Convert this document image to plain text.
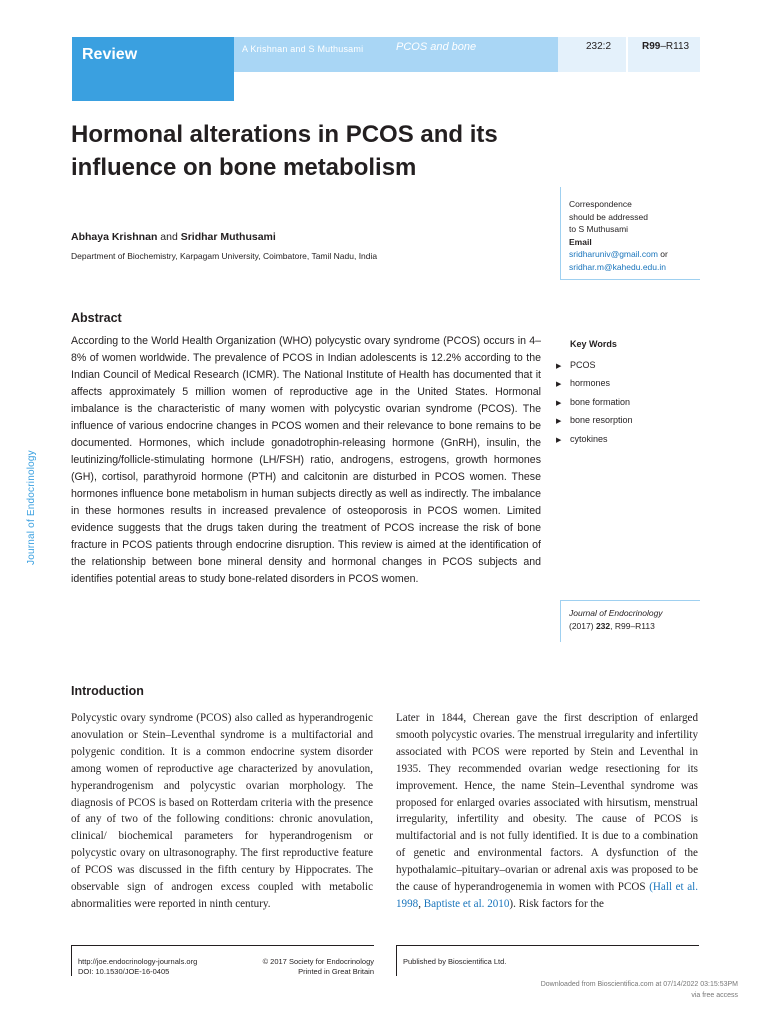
Review	A Krishnan and S Muthusami	PCOS and bone	232:2	R99–R113
Hormonal alterations in PCOS and its influence on bone metabolism
Abhaya Krishnan and Sridhar Muthusami
Department of Biochemistry, Karpagam University, Coimbatore, Tamil Nadu, India
Correspondence
should be addressed
to S Muthusami
Email
sridharuniv@gmail.com or
sridhar.m@kahedu.edu.in
Abstract
According to the World Health Organization (WHO) polycystic ovary syndrome (PCOS) occurs in 4–8% of women worldwide. The prevalence of PCOS in Indian adolescents is 12.2% according to the Indian Council of Medical Research (ICMR). The National Institute of Health has documented that it affects approximately 5 million women of reproductive age in the United States. Hormonal imbalance is the characteristic of many women with polycystic ovarian syndrome (PCOS). The influence of various endocrine changes in PCOS women and their relevance to bone remains to be documented. Hormones, which include gonadotrophin-releasing hormone (GnRH), insulin, the leutinizing/follicle-stimulating hormone (LH/FSH) ratio, androgens, estrogens, growth hormones (GH), cortisol, parathyroid hormone (PTH) and calcitonin are disturbed in PCOS women. These hormones influence bone metabolism in human subjects directly as well as indirectly. The imbalance in these hormones results in increased prevalence of osteoporosis in PCOS women. Limited evidence suggests that the drugs taken during the treatment of PCOS increase the risk of bone fracture in PCOS patients through endocrine disruption. This review is aimed at the identification of the relationship between bone mineral density and hormonal changes in PCOS subjects and identifies potential areas to study bone-related disorders in PCOS women.
Key Words
▶ PCOS
▶ hormones
▶ bone formation
▶ bone resorption
▶ cytokines
Journal of Endocrinology
(2017) 232, R99–R113
Journal of Endocrinology
Introduction
Polycystic ovary syndrome (PCOS) also called as hyperandrogenic anovulation or Stein–Leventhal syndrome is a multifactorial and polygenic condition. It is a common endocrine system disorder among women of reproductive age characterized by anovulation, hyperandrogenism and polycystic ovarian morphology. The diagnosis of PCOS is based on Rotterdam criteria with the presence of any of two of the following conditions: chronic anovulation, clinical/ biochemical parameters for hyperandrogenism or polycystic ovary on ultrasonography. The first reproductive feature of PCOS was discussed in the fifth century by Hippocrates. The observable sign of androgen excess coupled with metabolic abnormalities were reported in ninth century.
Later in 1844, Cherean gave the first description of enlarged smooth polycystic ovaries. The menstrual irregularity and infertility associated with PCOS were reported by Stein and Leventhal in 1935. They recommended ovarian wedge resectioning for its improvement. Hence, the name Stein–Leventhal syndrome was proposed for enlarged ovaries associated with hirsutism, menstrual irregularity, infertility and obesity. The cause of PCOS is multifactorial and is not fully identified. It is due to a combination of genetic and environmental factors. A dysfunction of the hypothalamic–pituitary–ovarian or adrenal axis was proposed to be the cause of hyperandrogenemia in women with PCOS (Hall et al. 1998, Baptiste et al. 2010). Risk factors for the
http://joe.endocrinology-journals.org
DOI: 10.1530/JOE-16-0405
© 2017 Society for Endocrinology
Printed in Great Britain
Published by Bioscientifica Ltd.
Downloaded from Bioscientifica.com at 07/14/2022 03:15:53PM
via free access
